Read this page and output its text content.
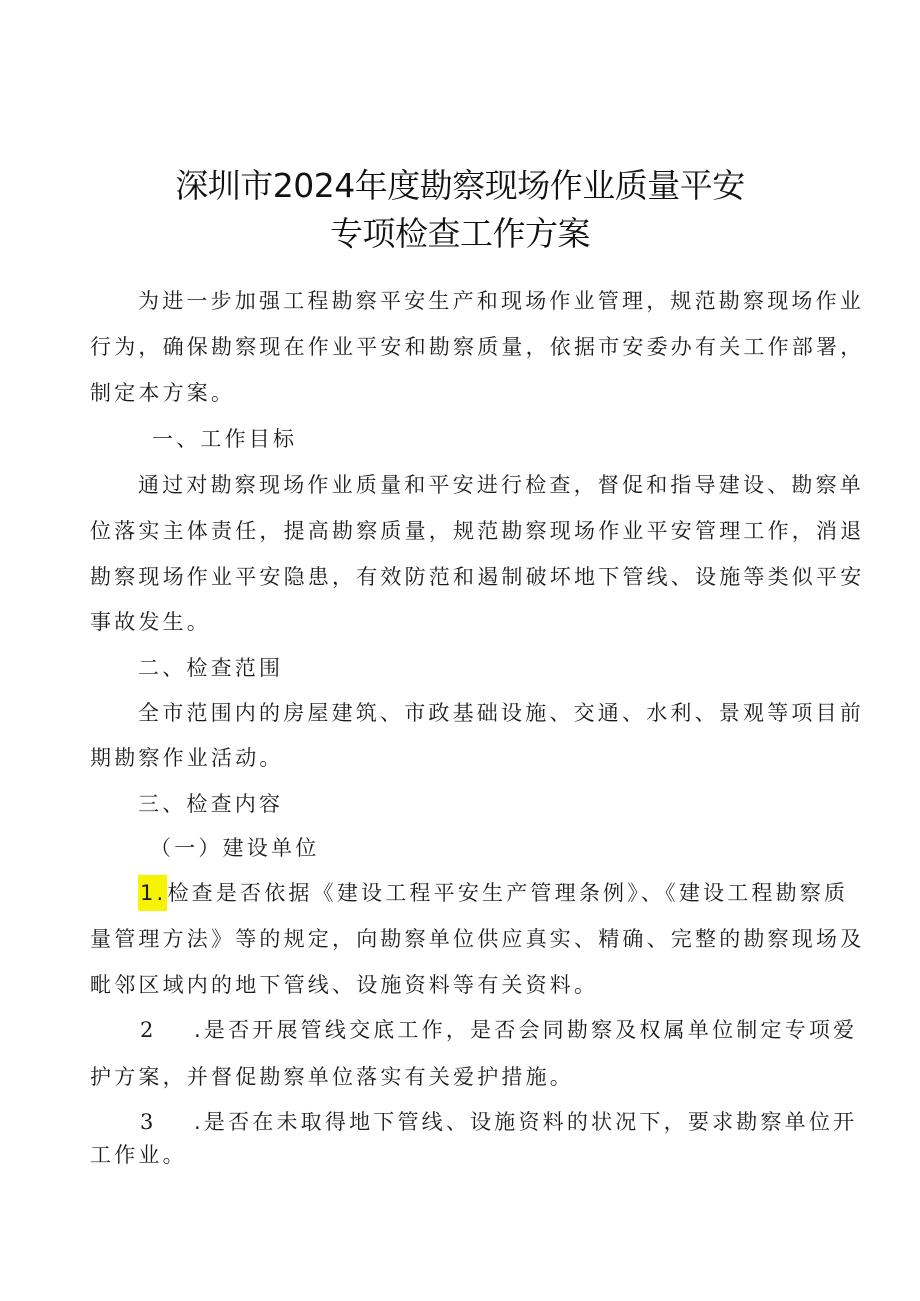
深圳市2024年度勘察现场作业质量平安
专项检查工作方案
为进一步加强工程勘察平安生产和现场作业管理，规范勘察现场作业
行为，确保勘察现在作业平安和勘察质量，依据市安委办有关工作部署，
制定本方案。
一、工作目标
通过对勘察现场作业质量和平安进行检查，督促和指导建设、勘察单
位落实主体责任，提高勘察质量，规范勘察现场作业平安管理工作，消退
勘察现场作业平安隐患，有效防范和遏制破坏地下管线、设施等类似平安
事故发生。
二、检查范围
全市范围内的房屋建筑、市政基础设施、交通、水利、景观等项目前
期勘察作业活动。
三、检查内容
（一）建设单位
1.检查是否依据《建设工程平安生产管理条例》、《建设工程勘察质
量管理方法》等的规定，向勘察单位供应真实、精确、完整的勘察现场及
毗邻区域内的地下管线、设施资料等有关资料。
2 .是否开展管线交底工作，是否会同勘察及权属单位制定专项爱
护方案，并督促勘察单位落实有关爱护措施。
3 .是否在未取得地下管线、设施资料的状况下，要求勘察单位开
工作业。
